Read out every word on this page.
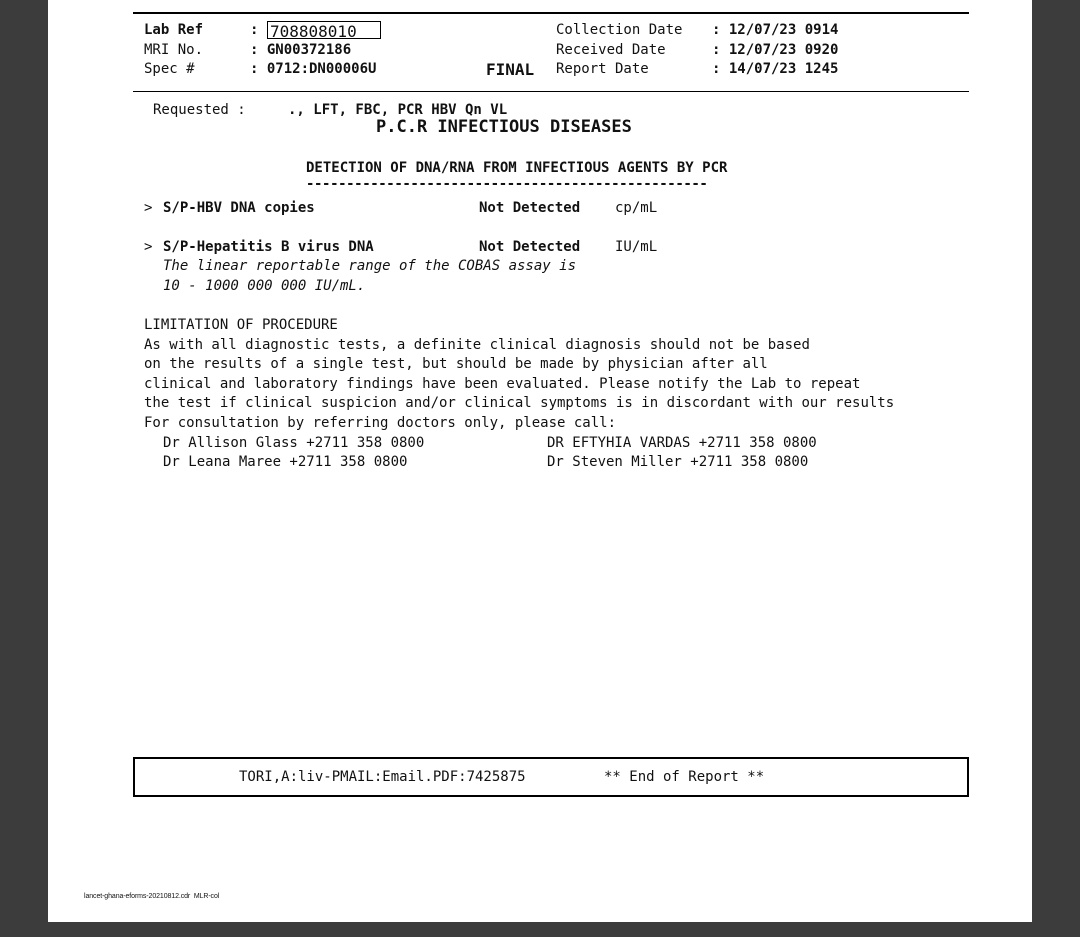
Lab Ref	: 708808010
MRI No.	: GN00372186
Spec #	: 0712:DN00006U	FINAL
Collection Date : 12/07/23 0914
Received Date	: 12/07/23 0920
Report Date	: 14/07/23 1245
Requested :	., LFT, FBC, PCR HBV Qn VL
P.C.R INFECTIOUS DISEASES
DETECTION OF DNA/RNA FROM INFECTIOUS AGENTS BY PCR
--------------------------------------------------
> S/P-HBV DNA copies	Not Detected cp/mL
> S/P-Hepatitis B virus DNA	Not Detected IU/mL
The linear reportable range of the COBAS assay is
10 - 1000 000 000 IU/mL.
LIMITATION OF PROCEDURE
As with all diagnostic tests, a definite clinical diagnosis should not be based
on the results of a single test, but should be made by physician after all
clinical and laboratory findings have been evaluated. Please notify the Lab to repeat
the test if clinical suspicion and/or clinical symptoms is in discordant with our results
For consultation by referring doctors only, please call:
Dr Allison Glass +2711 358 0800	DR EFTYHIA VARDAS +2711 358 0800
Dr Leana Maree +2711 358 0800	Dr Steven Miller +2711 358 0800
TORI,A:liv-PMAIL:Email.PDF:7425875	** End of Report **
lancet-ghana-eforms-20210812.cdr  MLR-col
